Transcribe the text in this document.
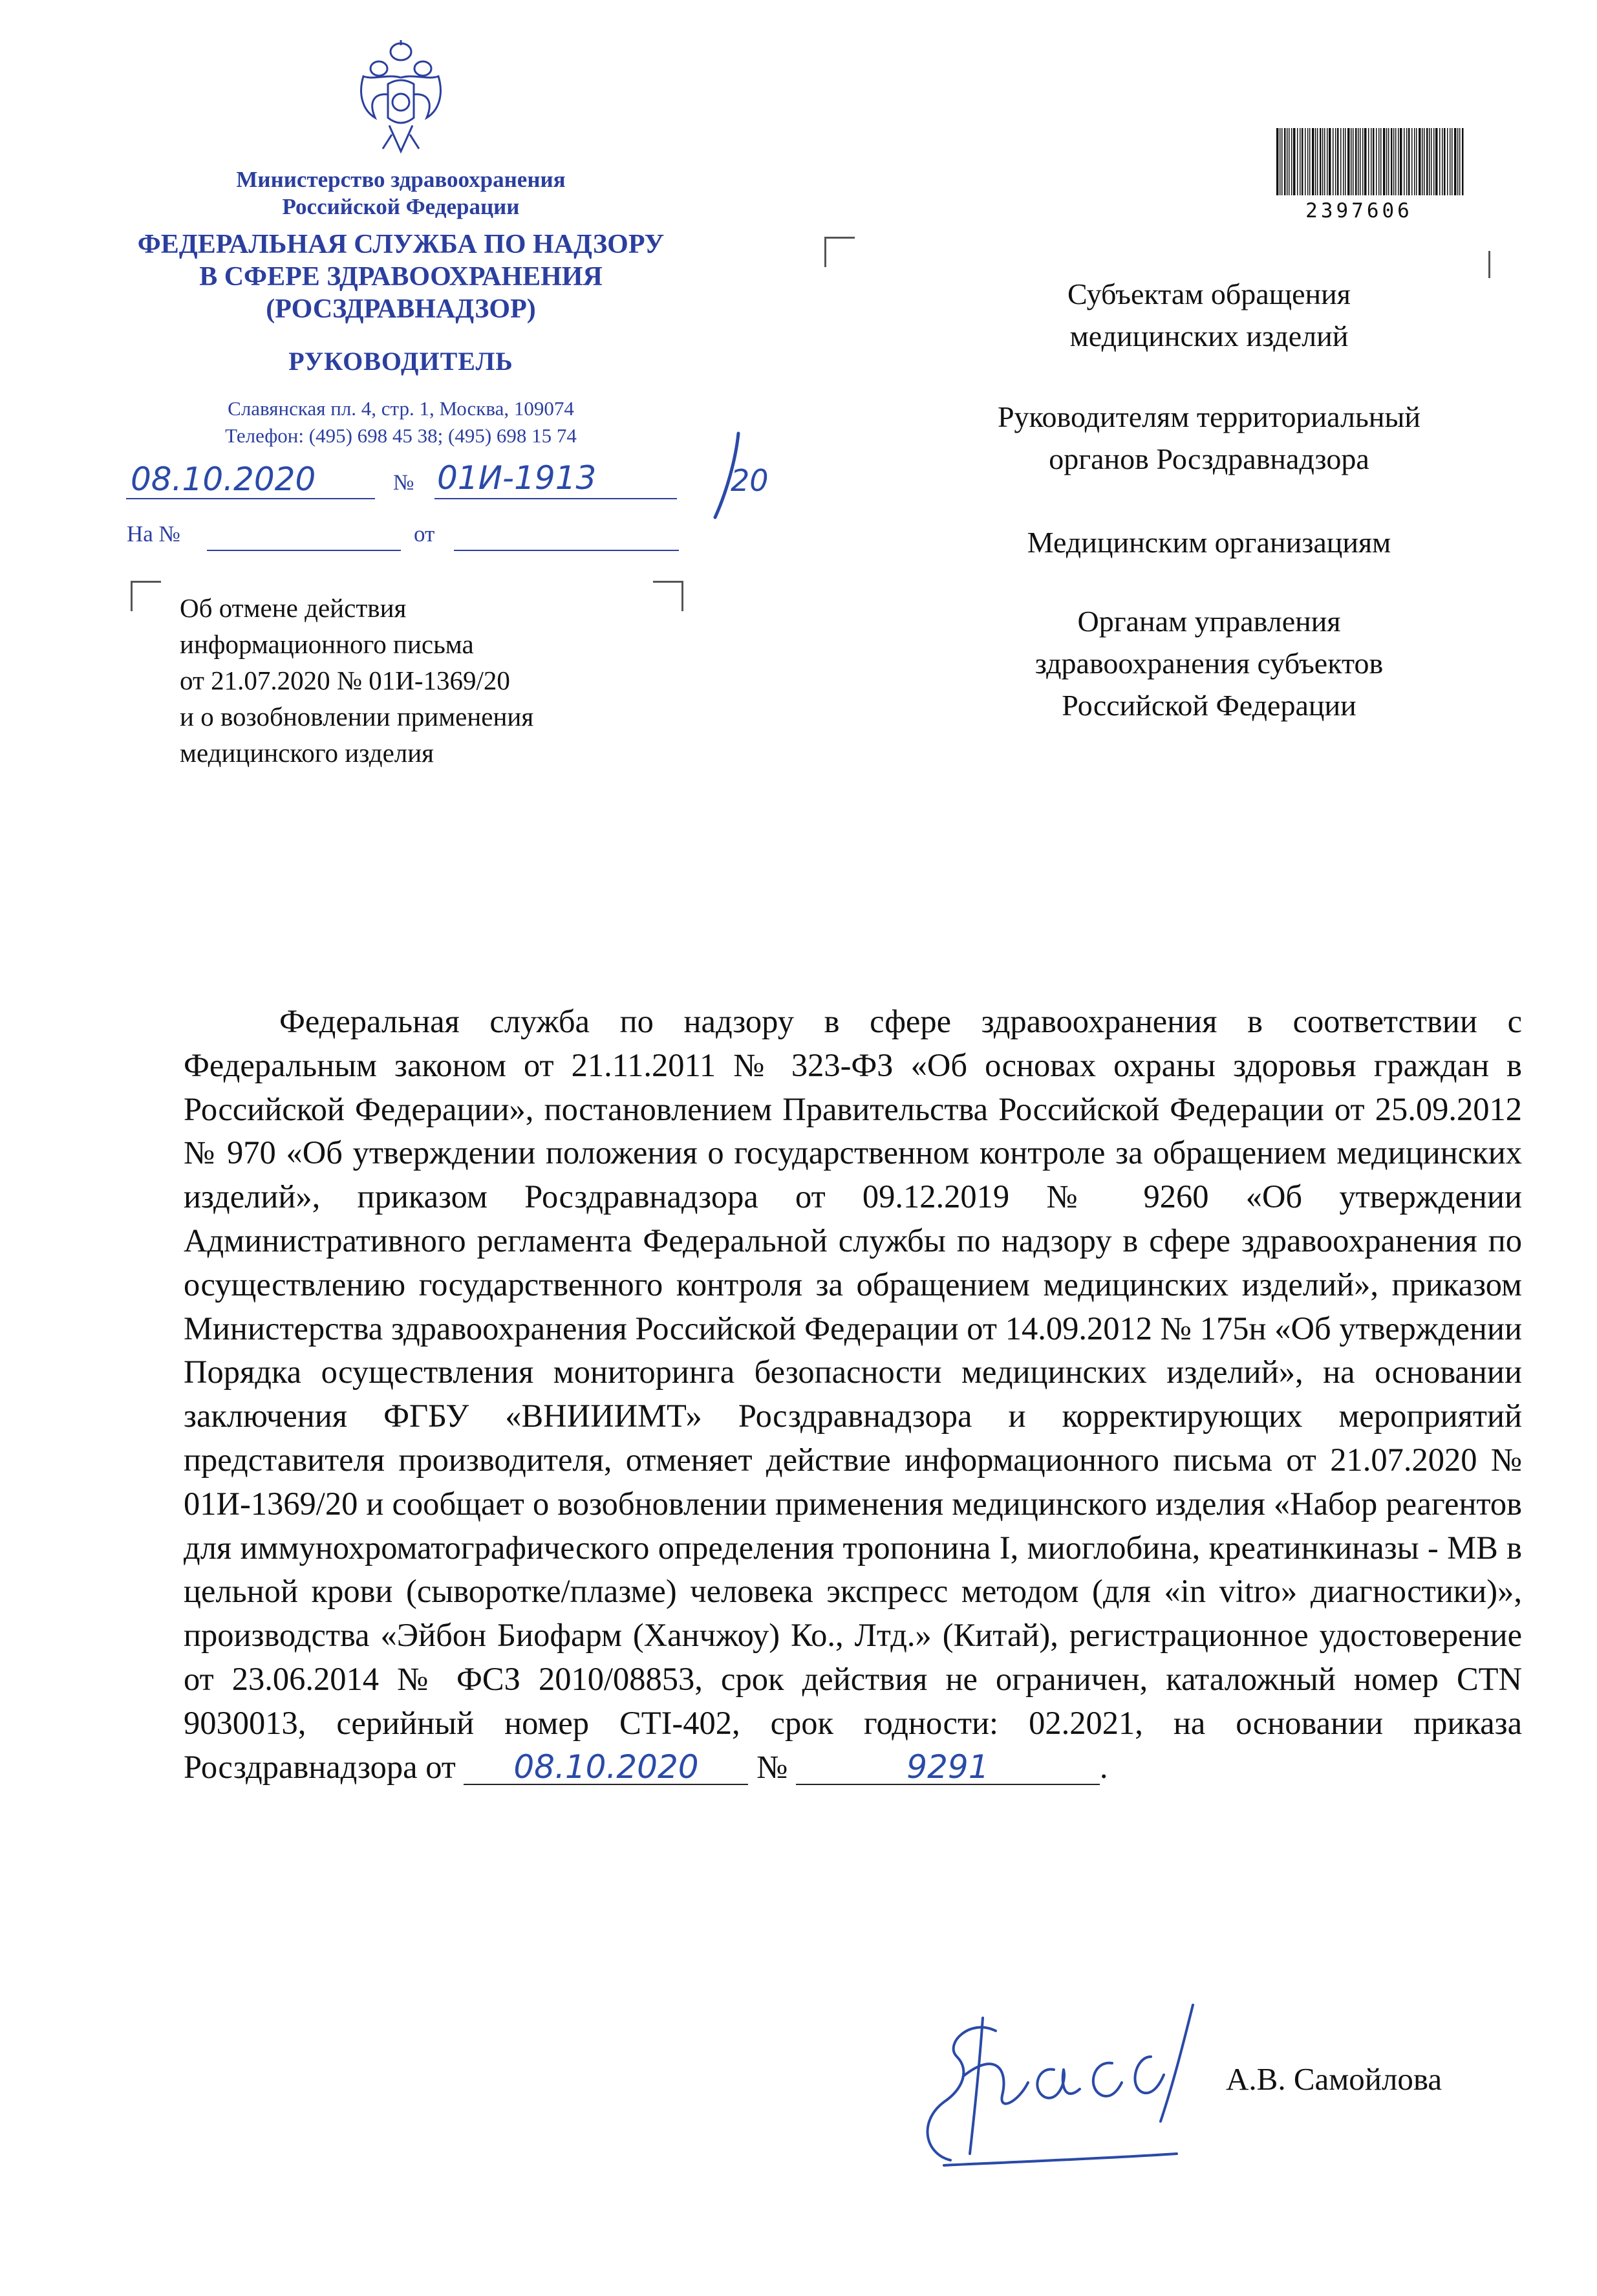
Министерство здравоохранения
Российской Федерации
ФЕДЕРАЛЬНАЯ СЛУЖБА ПО НАДЗОРУ
В СФЕРЕ ЗДРАВООХРАНЕНИЯ
(РОСЗДРАВНАДЗОР)
РУКОВОДИТЕЛЬ
Славянская пл. 4, стр. 1, Москва, 109074
Телефон: (495) 698 45 38; (495) 698 15 74
08.10.2020	№ 01И-1913	20
На №	от
Об отмене действия
информационного письма
от 21.07.2020 № 01И-1369/20
и о возобновлении применения
медицинского изделия
2397606
Субъектам обращения
медицинских изделий
Руководителям территориальный
органов Росздравнадзора
Медицинским организациям
Органам управления
здравоохранения субъектов
Российской Федерации
Федеральная служба по надзору в сфере здравоохранения в соответствии с Федеральным законом от 21.11.2011 № 323-ФЗ «Об основах охраны здоровья граждан в Российской Федерации», постановлением Правительства Российской Федерации от 25.09.2012 № 970 «Об утверждении положения о государственном контроле за обращением медицинских изделий», приказом Росздравнадзора от 09.12.2019 № 9260 «Об утверждении Административного регламента Федеральной службы по надзору в сфере здравоохранения по осуществлению государственного контроля за обращением медицинских изделий», приказом Министерства здравоохранения Российской Федерации от 14.09.2012 № 175н «Об утверждении Порядка осуществления мониторинга безопасности медицинских изделий», на основании заключения ФГБУ «ВНИИИМТ» Росздравнадзора и корректирующих мероприятий представителя производителя, отменяет действие информационного письма от 21.07.2020 № 01И-1369/20 и сообщает о возобновлении применения медицинского изделия «Набор реагентов для иммунохроматографического определения тропонина I, миоглобина, креатинкиназы - МВ в цельной крови (сыворотке/плазме) человека экспресс методом (для «in vitro» диагностики)», производства «Эйбон Биофарм (Ханчжоу) Ко., Лтд.» (Китай), регистрационное удостоверение от 23.06.2014 № ФСЗ 2010/08853, срок действия не ограничен, каталожный номер CTN 9030013, серийный номер CTI-402, срок годности: 02.2021, на основании приказа Росздравнадзора от 08.10.2020 №	9291	.
А.В. Самойлова
